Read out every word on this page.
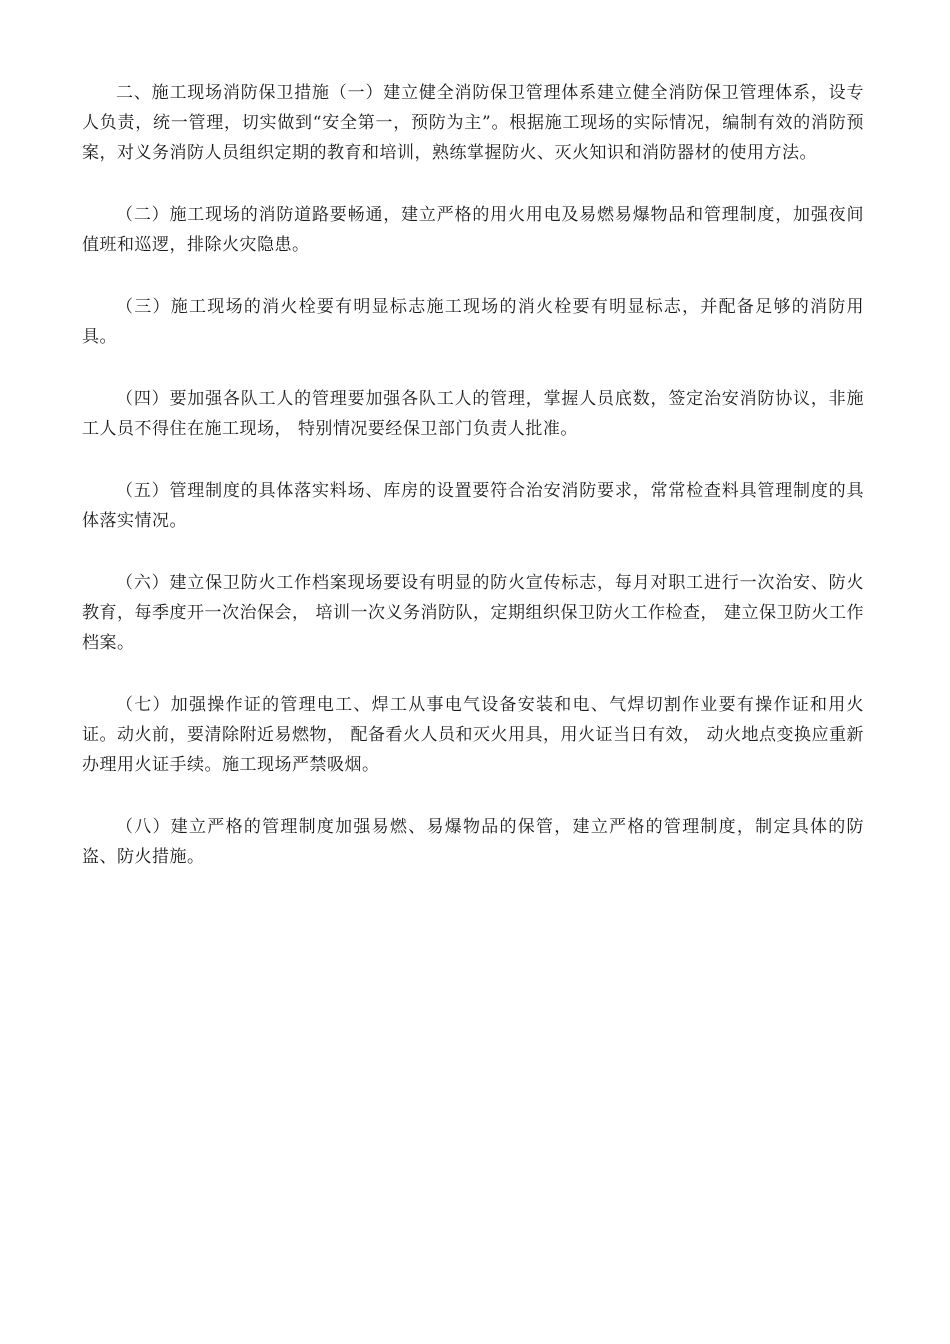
二、施工现场消防保卫措施（一）建立健全消防保卫管理体系建立健全消防保卫管理体系，设专人负责，统一管理，切实做到“安全第一，预防为主”。根据施工现场的实际情况，编制有效的消防预案，对义务消防人员组织定期的教育和培训，熟练掌握防火、灭火知识和消防器材的使用方法。

（二）施工现场的消防道路要畅通，建立严格的用火用电及易燃易爆物品和管理制度，加强夜间值班和巡逻，排除火灾隐患。

（三）施工现场的消火栓要有明显标志施工现场的消火栓要有明显标志，并配备足够的消防用具。

（四）要加强各队工人的管理要加强各队工人的管理，掌握人员底数，签定治安消防协议，非施工人员不得住在施工现场， 特别情况要经保卫部门负责人批准。

（五）管理制度的具体落实料场、库房的设置要符合治安消防要求，常常检查料具管理制度的具体落实情况。

（六）建立保卫防火工作档案现场要设有明显的防火宣传标志，每月对职工进行一次治安、防火教育，每季度开一次治保会， 培训一次义务消防队，定期组织保卫防火工作检查， 建立保卫防火工作档案。

（七）加强操作证的管理电工、焊工从事电气设备安装和电、气焊切割作业要有操作证和用火证。动火前，要清除附近易燃物， 配备看火人员和灭火用具，用火证当日有效， 动火地点变换应重新办理用火证手续。施工现场严禁吸烟。

（八）建立严格的管理制度加强易燃、易爆物品的保管，建立严格的管理制度，制定具体的防盗、防火措施。
